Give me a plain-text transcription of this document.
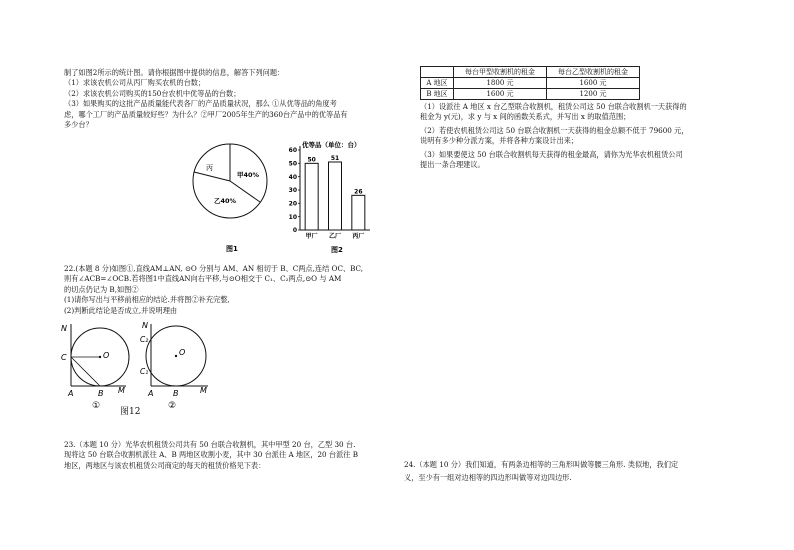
制了如图2所示的统计图。请你根据图中提供的信息，解答下列问题：
（1）求该农机公司从丙厂购买农机的台数；
（2）求该农机公司购买的150台农机中优等品的台数；
（3）如果购买的这批产品质量能代表各厂的产品质量状况，那么 ①从优等品的角度考
虑，哪个工厂的产品质量较好些？为什么？②甲厂2005年生产的360台产品中的优等品有
多少台？
丙
甲40%
乙40%
图1
优等品（单位：台）
0
10
20
30
40
50
60
50
甲厂
51
乙厂
26
丙厂
图2
22.(本题 8 分)如图①,直线AM⊥AN, ⊙O 分别与 AM、AN 相切于 B、C两点,连结 OC、BC,
则有∠ACB=∠OCB.若将图1中直线AN向右平移,与⊙O相交于 C₁、C₂两点,⊙O 与 AM
的切点仍记为 B,如图②
(1)请你写出与平移前相应的结论.并将图②补充完整,
(2)判断此结论是否成立,并说明理由
N
C	O
A	B M
①
N
C₂
C₁
O
A B	M
②
图12
23.（本题 10 分）光华农机租赁公司共有 50 台联合收割机，其中甲型 20 台，乙型 30 台.
现将这 50 台联合收割机派往 A、B 两地区收割小麦，其中 30 台派往 A 地区，20 台派往 B
地区，两地区与该农机租赁公司商定的每天的租赁价格见下表：
	每台甲型收割机的租金	每台乙型收割机的租金
A 地区	1800 元	1600 元
B 地区	1600 元	1200 元
（1）设派往 A 地区 x 台乙型联合收割机，租赁公司这 50 台联合收割机一天获得的
租金为 y(元)，求 y 与 x 间的函数关系式，并写出 x 的取值范围；
（2）若使农机租赁公司这 50 台联合收割机一天获得的租金总额不低于 79600 元，
说明有多少种分派方案，并将各种方案设计出来；
（3）如果要使这 50 台联合收割机每天获得的租金最高，请你为光华农机租赁公司
提出一条合理建议。
24.（本题 10 分）我们知道，有两条边相等的三角形叫做等腰三角形. 类似地，我们定
义，至少有一组对边相等的四边形叫做等对边四边形.
